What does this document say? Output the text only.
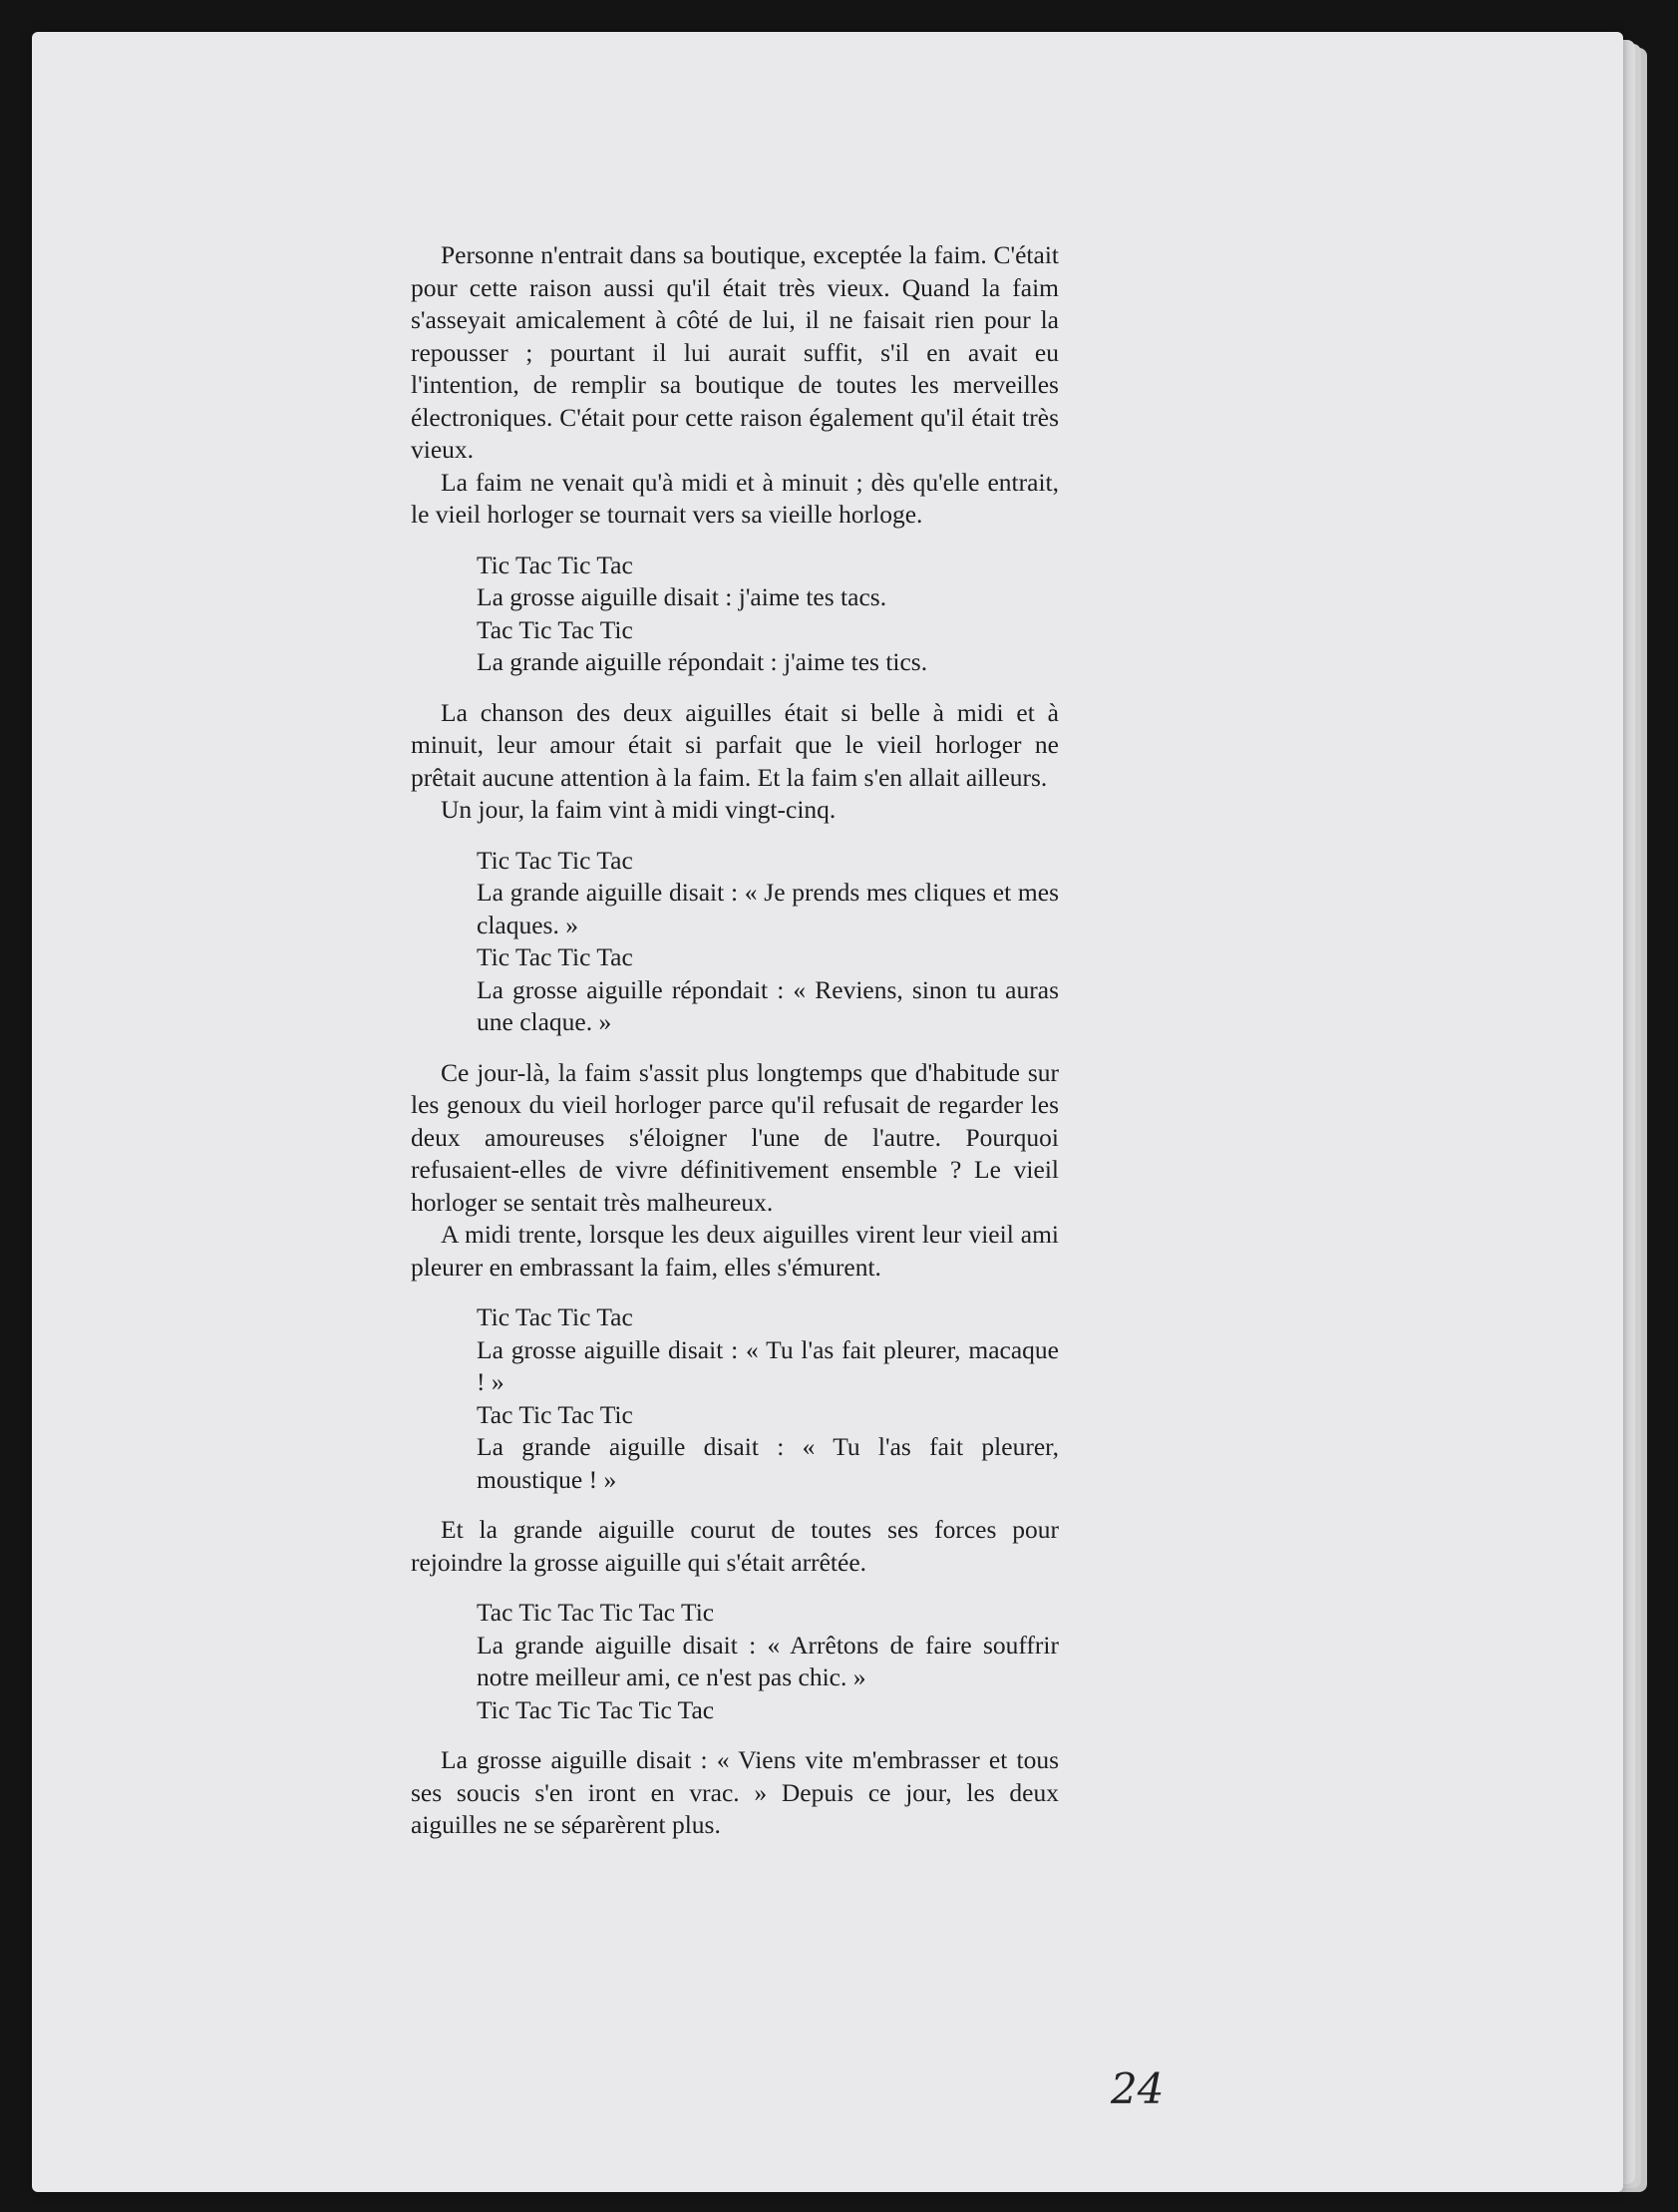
Personne n'entrait dans sa boutique, exceptée la faim. C'était pour cette raison aussi qu'il était très vieux. Quand la faim s'asseyait amicalement à côté de lui, il ne faisait rien pour la repousser ; pourtant il lui aurait suffit, s'il en avait eu l'intention, de remplir sa boutique de toutes les merveilles électroniques. C'était pour cette raison également qu'il était très vieux.

La faim ne venait qu'à midi et à minuit ; dès qu'elle entrait, le vieil horloger se tournait vers sa vieille horloge.

Tic Tac Tic Tac
La grosse aiguille disait : j'aime tes tacs.
Tac Tic Tac Tic
La grande aiguille répondait : j'aime tes tics.

La chanson des deux aiguilles était si belle à midi et à minuit, leur amour était si parfait que le vieil horloger ne prêtait aucune attention à la faim. Et la faim s'en allait ailleurs.

Un jour, la faim vint à midi vingt-cinq.

Tic Tac Tic Tac
La grande aiguille disait : « Je prends mes cliques et mes claques. »
Tic Tac Tic Tac
La grosse aiguille répondait : « Reviens, sinon tu auras une claque. »

Ce jour-là, la faim s'assit plus longtemps que d'habitude sur les genoux du vieil horloger parce qu'il refusait de regarder les deux amoureuses s'éloigner l'une de l'autre. Pourquoi refusaient-elles de vivre définitivement ensemble ? Le vieil horloger se sentait très malheureux.

A midi trente, lorsque les deux aiguilles virent leur vieil ami pleurer en embrassant la faim, elles s'émurent.

Tic Tac Tic Tac
La grosse aiguille disait : « Tu l'as fait pleurer, macaque ! »
Tac Tic Tac Tic
La grande aiguille disait : « Tu l'as fait pleurer, moustique ! »

Et la grande aiguille courut de toutes ses forces pour rejoindre la grosse aiguille qui s'était arrêtée.

Tac Tic Tac Tic Tac Tic
La grande aiguille disait : « Arrêtons de faire souffrir notre meilleur ami, ce n'est pas chic. »
Tic Tac Tic Tac Tic Tac

La grosse aiguille disait : « Viens vite m'embrasser et tous ses soucis s'en iront en vrac. » Depuis ce jour, les deux aiguilles ne se séparèrent plus.

24
